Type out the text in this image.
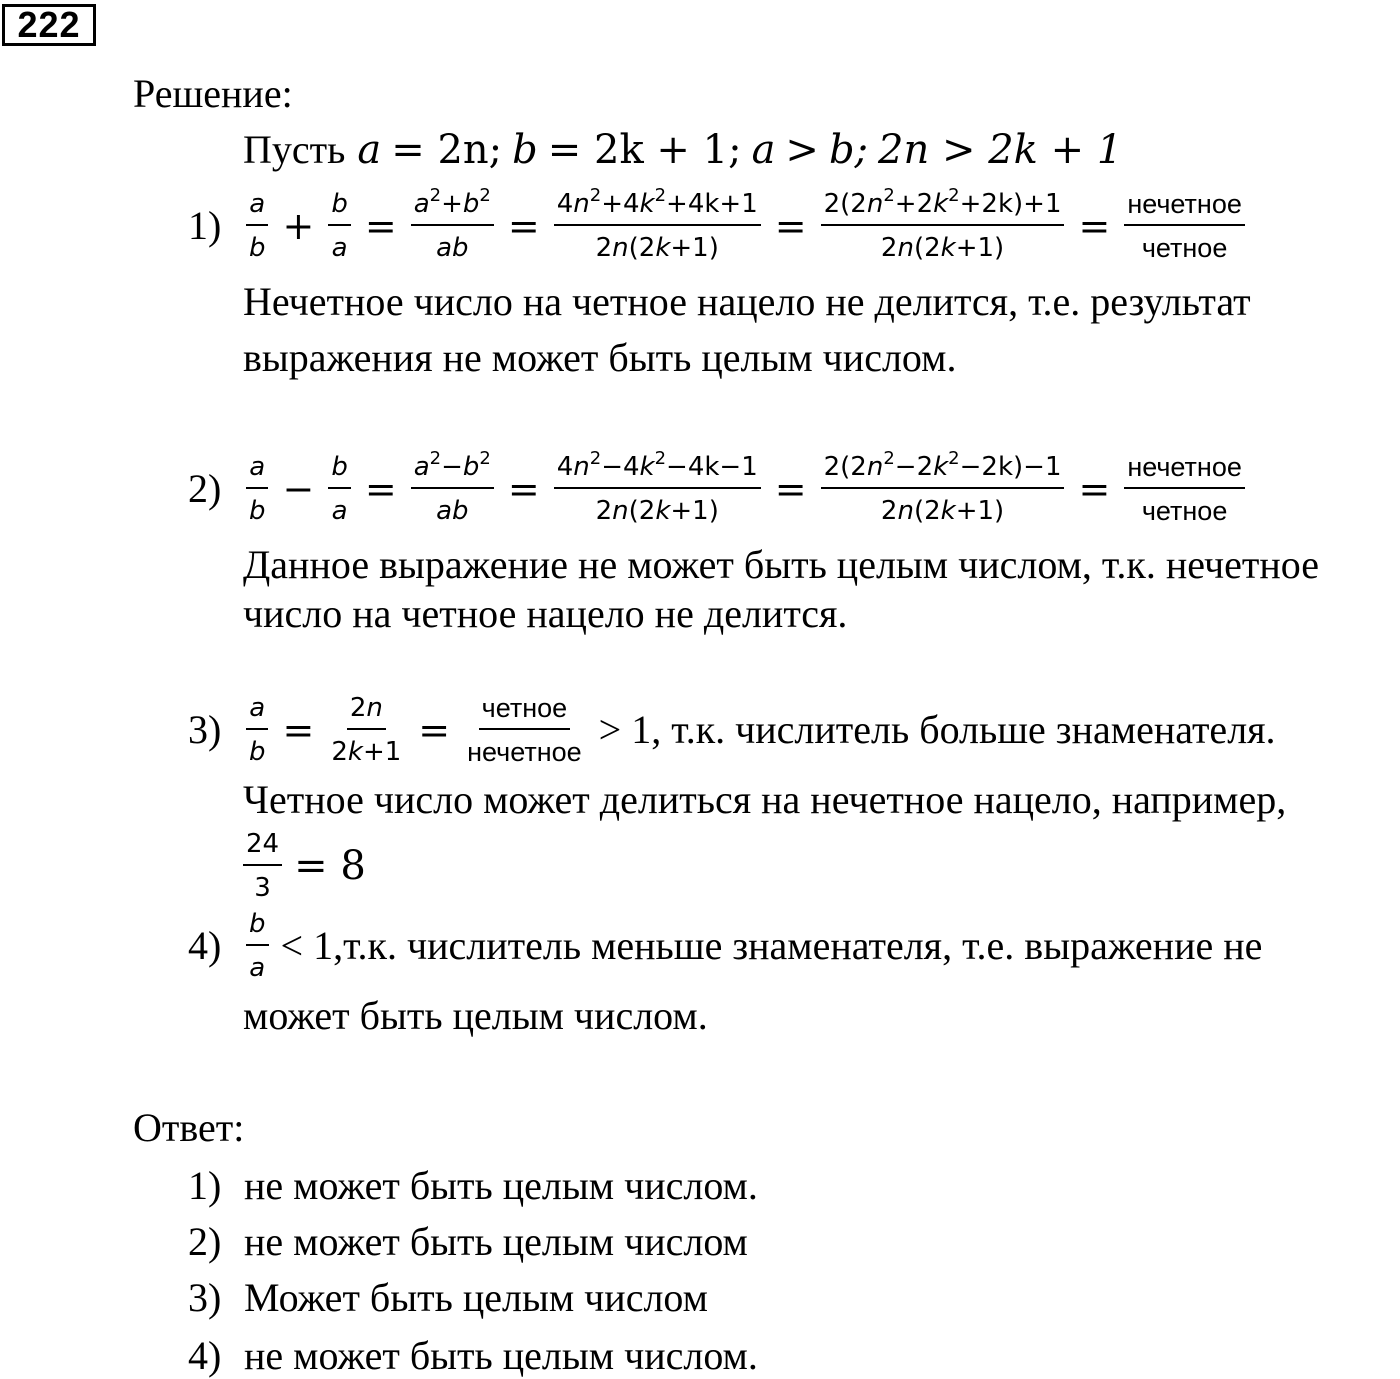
222
Решение:
Пусть a = 2n; b = 2k + 1; a > b; 2n > 2k + 1
$1) \frac{a}{b} + \frac{b}{a} = \frac{a^2+b^2}{ab} = \frac{4n^2+4k^2+4k+1}{2n(2k+1)} = \frac{2(2n^2+2k^2+2k)+1}{2n(2k+1)} = \frac{\text{нечетное}}{\text{четное}}$
Нечетное число на четное нацело не делится, т.е. результат
выражения не может быть целым числом.
$2) \frac{a}{b} - \frac{b}{a} = \frac{a^2-b^2}{ab} = \frac{4n^2-4k^2-4k-1}{2n(2k+1)} = \frac{2(2n^2-2k^2-2k)-1}{2n(2k+1)} = \frac{\text{нечетное}}{\text{четное}}$
Данное выражение не может быть целым числом, т.к. нечетное
число на четное нацело не делится.
$3) \frac{a}{b} = \frac{2n}{2k+1} = \frac{\text{четное}}{\text{нечетное}} > 1$, т.к. числитель больше знаменателя.
Четное число может делиться на нечетное нацело, например,
$\frac{24}{3} = 8$
$4) \frac{b}{a} < 1,т.к$. числитель меньше знаменателя, т.е. выражение не
может быть целым числом.
Ответ:
1) не может быть целым числом.
2) не может быть целым числом
3) Может быть целым числом
4) не может быть целым числом.
